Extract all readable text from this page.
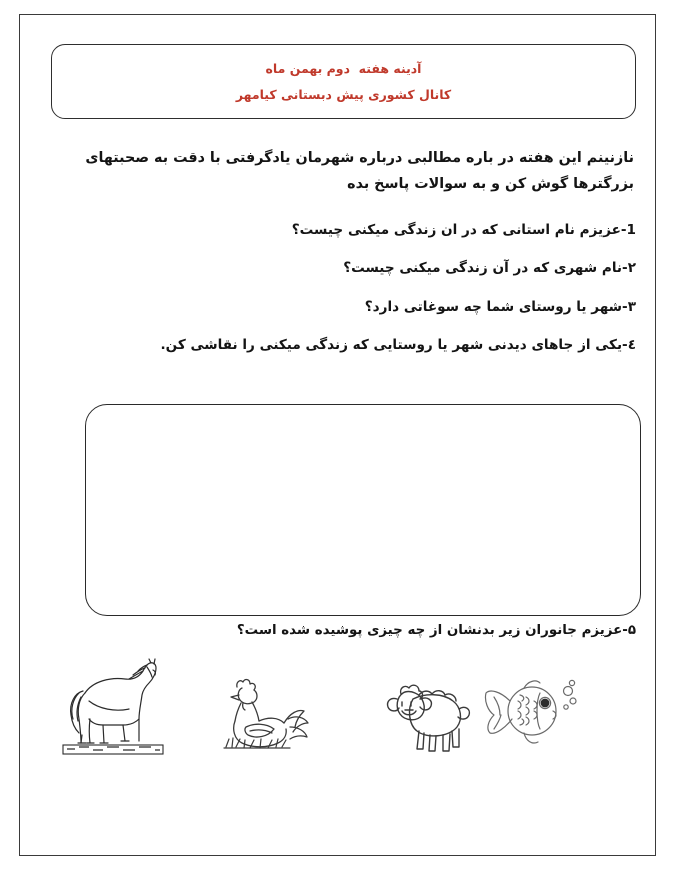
آدینه هفته  دوم بهمن ماه
کانال کشوری پیش دبستانی کیامهر

نازنینم این هفته در باره مطالبی درباره شهرمان یادگرفتی با دقت به صحبتهای بزرگترها گوش کن و به سوالات پاسخ بده

1-عزیزم نام استانی که در ان زندگی میکنی چیست؟

۲-نام شهری که در آن زندگی میکنی چیست؟

۳-شهر یا روستای شما چه سوغاتی دارد؟

٤-یکی از جاهای دیدنی شهر یا روستایی که زندگی میکنی را نقاشی کن.

۵-عزیزم جانوران زیر بدنشان از چه چیزی پوشیده شده است؟
